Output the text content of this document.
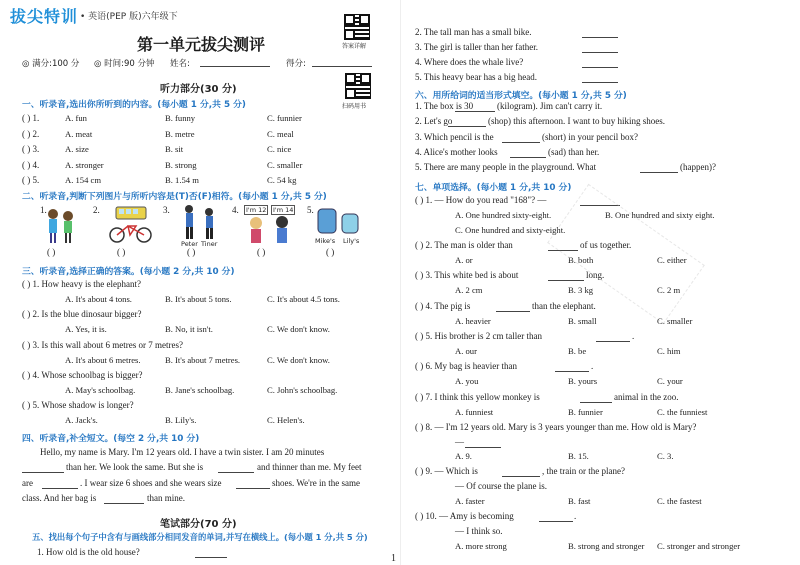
拔尖特训 • 英语(PEP 版)六年级下
答案详解
第一单元拔尖测评
扫码用书
◎ 满分:100 分 ◎ 时间:90 分钟 姓名:	得分:
听力部分(30 分)
一、听录音,选出你所听到的内容。(每小题 1 分,共 5 分)
( ) 1.	A. fun	B. funny	C. funnier
( ) 2.	A. meat	B. metre	C. meal
( ) 3.	A. size	B. sit	C. nice
( ) 4.	A. stronger	B. strong	C. smaller
( ) 5.	A. 154 cm	B. 1.54 m	C. 54 kg
二、听录音,判断下列图片与所听内容是(T)否(F)相符。(每小题 1 分,共 5 分)
1.	2.	3.	4.	5.
Peter Tiner
I'm 12	I'm 14
Mike's Lily's
( )	( )	( )	( )	( )
三、听录音,选择正确的答案。(每小题 2 分,共 10 分)
( ) 1. How heavy is the elephant?
A. It's about 4 tons.	B. It's about 5 tons.	C. It's about 4.5 tons.
( ) 2. Is the blue dinosaur bigger?
A. Yes, it is.	B. No, it isn't.	C. We don't know.
( ) 3. Is this wall about 6 metres or 7 metres?
A. It's about 6 metres.	B. It's about 7 metres.	C. We don't know.
( ) 4. Whose schoolbag is bigger?
A. May's schoolbag.	B. Jane's schoolbag.	C. John's schoolbag.
( ) 5. Whose shadow is longer?
A. Jack's.	B. Lily's.	C. Helen's.
四、听录音,补全短文。(每空 2 分,共 10 分)
Hello, my name is Mary. I'm 12 years old. I have a twin sister. I am 20 minutes
than her. We look the same. But she is	and thinner than me. My feet
are	. I wear size 6 shoes and she wears size	shoes. We're in the same
class. And her bag is	than mine.
笔试部分(70 分)
五、找出每个句子中含有与画线部分相同发音的单词,并写在横线上。(每小题 1 分,共 5 分)
1. How old is the old house?
2. The tall man has a small bike.
3. The girl is taller than her father.
4. Where does the whale live?
5. This heavy bear has a big head.
六、用所给词的适当形式填空。(每小题 1 分,共 5 分)
1. The box is 30	(kilogram). Jim can't carry it.
2. Let's go	(shop) this afternoon. I want to buy hiking shoes.
3. Which pencil is the	(short) in your pencil box?
4. Alice's mother looks	(sad) than her.
5. There are many people in the playground. What	(happen)?
七、单项选择。(每小题 1 分,共 10 分)
( ) 1. — How do you read "168"? —
A. One hundred sixty-eight.	B. One hundred and sixty eight.
C. One hundred and sixty-eight.
( ) 2. The man is older than	of us together.
A. or	B. both	C. either
( ) 3. This white bed is about	long.
A. 2 cm	B. 3 kg	C. 2 m
( ) 4. The pig is	than the elephant.
A. heavier	B. small	C. smaller
( ) 5. His brother is 2 cm taller than	.
A. our	B. be	C. him
( ) 6. My bag is heavier than	.
A. you	B. yours	C. your
( ) 7. I think this yellow monkey is	animal in the zoo.
A. funniest	B. funnier	C. the funniest
( ) 8. — I'm 12 years old. Mary is 3 years younger than me. How old is Mary?
—
A. 9.	B. 15.	C. 3.
( ) 9. — Which is	, the train or the plane?
— Of course the plane is.
A. faster	B. fast	C. the fastest
( ) 10. — Amy is becoming	.
— I think so.
A. more strong	B. strong and stronger C. stronger and stronger
1
